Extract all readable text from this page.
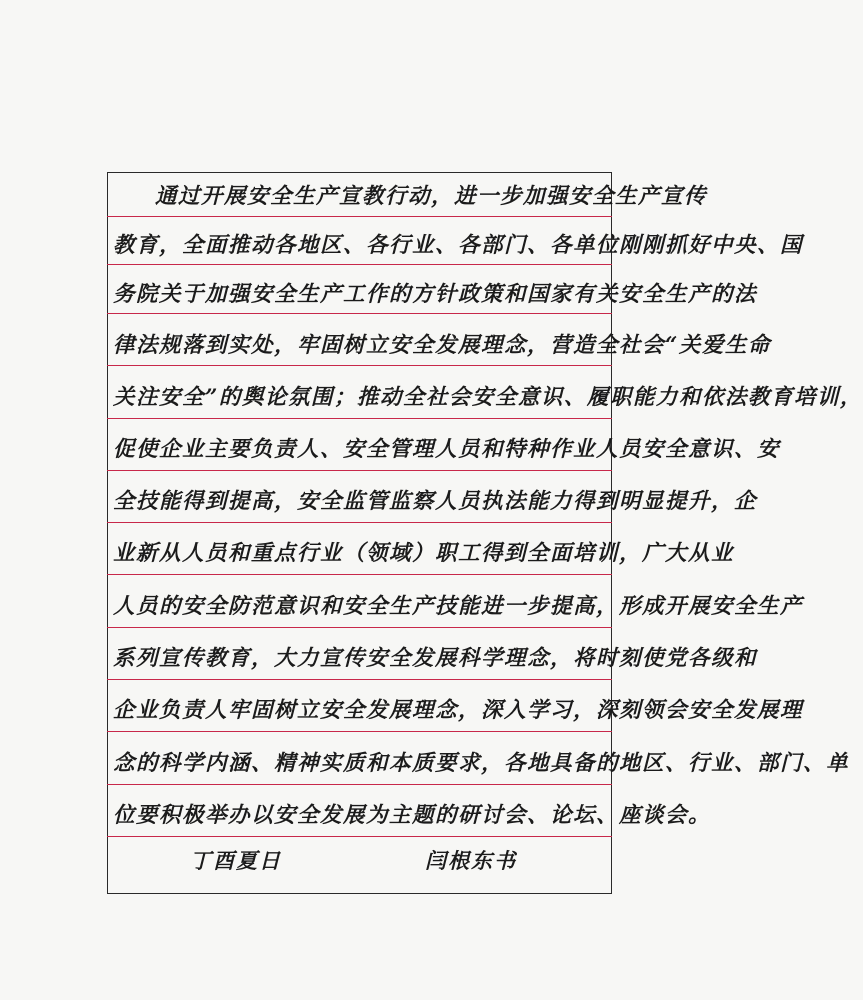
通过开展安全生产宣教行动，进一步加强安全生产宣传
教育，全面推动各地区、各行业、各部门、各单位刚刚抓好中央、国
务院关于加强安全生产工作的方针政策和国家有关安全生产的法
律法规落到实处，牢固树立安全发展理念，营造全社会“关爱生命
关注安全”的舆论氛围；推动全社会安全意识、履职能力和依法教育培训，
促使企业主要负责人、安全管理人员和特种作业人员安全意识、安
全技能得到提高，安全监管监察人员执法能力得到明显提升，企
业新从人员和重点行业（领域）职工得到全面培训，广大从业
人员的安全防范意识和安全生产技能进一步提高，形成开展安全生产
系列宣传教育，大力宣传安全发展科学理念，将时刻使党各级和
企业负责人牢固树立安全发展理念，深入学习，深刻领会安全发展理
念的科学内涵、精神实质和本质要求，各地具备的地区、行业、部门、单
位要积极举办以安全发展为主题的研讨会、论坛、座谈会。
丁酉夏日	闫根东书
